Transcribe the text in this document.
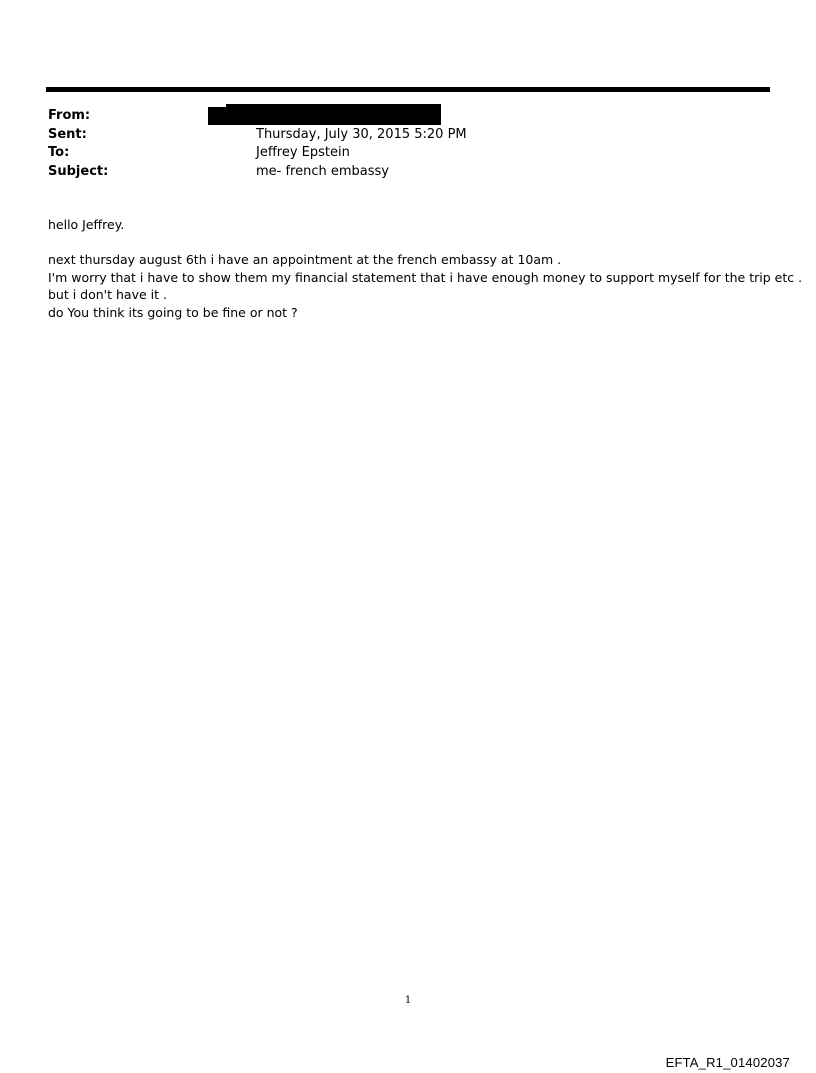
From:
Sent:	Thursday, July 30, 2015 5:20 PM
To:	Jeffrey Epstein
Subject:	me- french embassy

hello Jeffrey.

next thursday august 6th i have an appointment at the french embassy at 10am .

I'm worry that i have to show them my financial statement that i have enough money to support myself for the trip etc .

but i don't have it .

do You think its going to be fine or not ?

1
EFTA_R1_01402037
